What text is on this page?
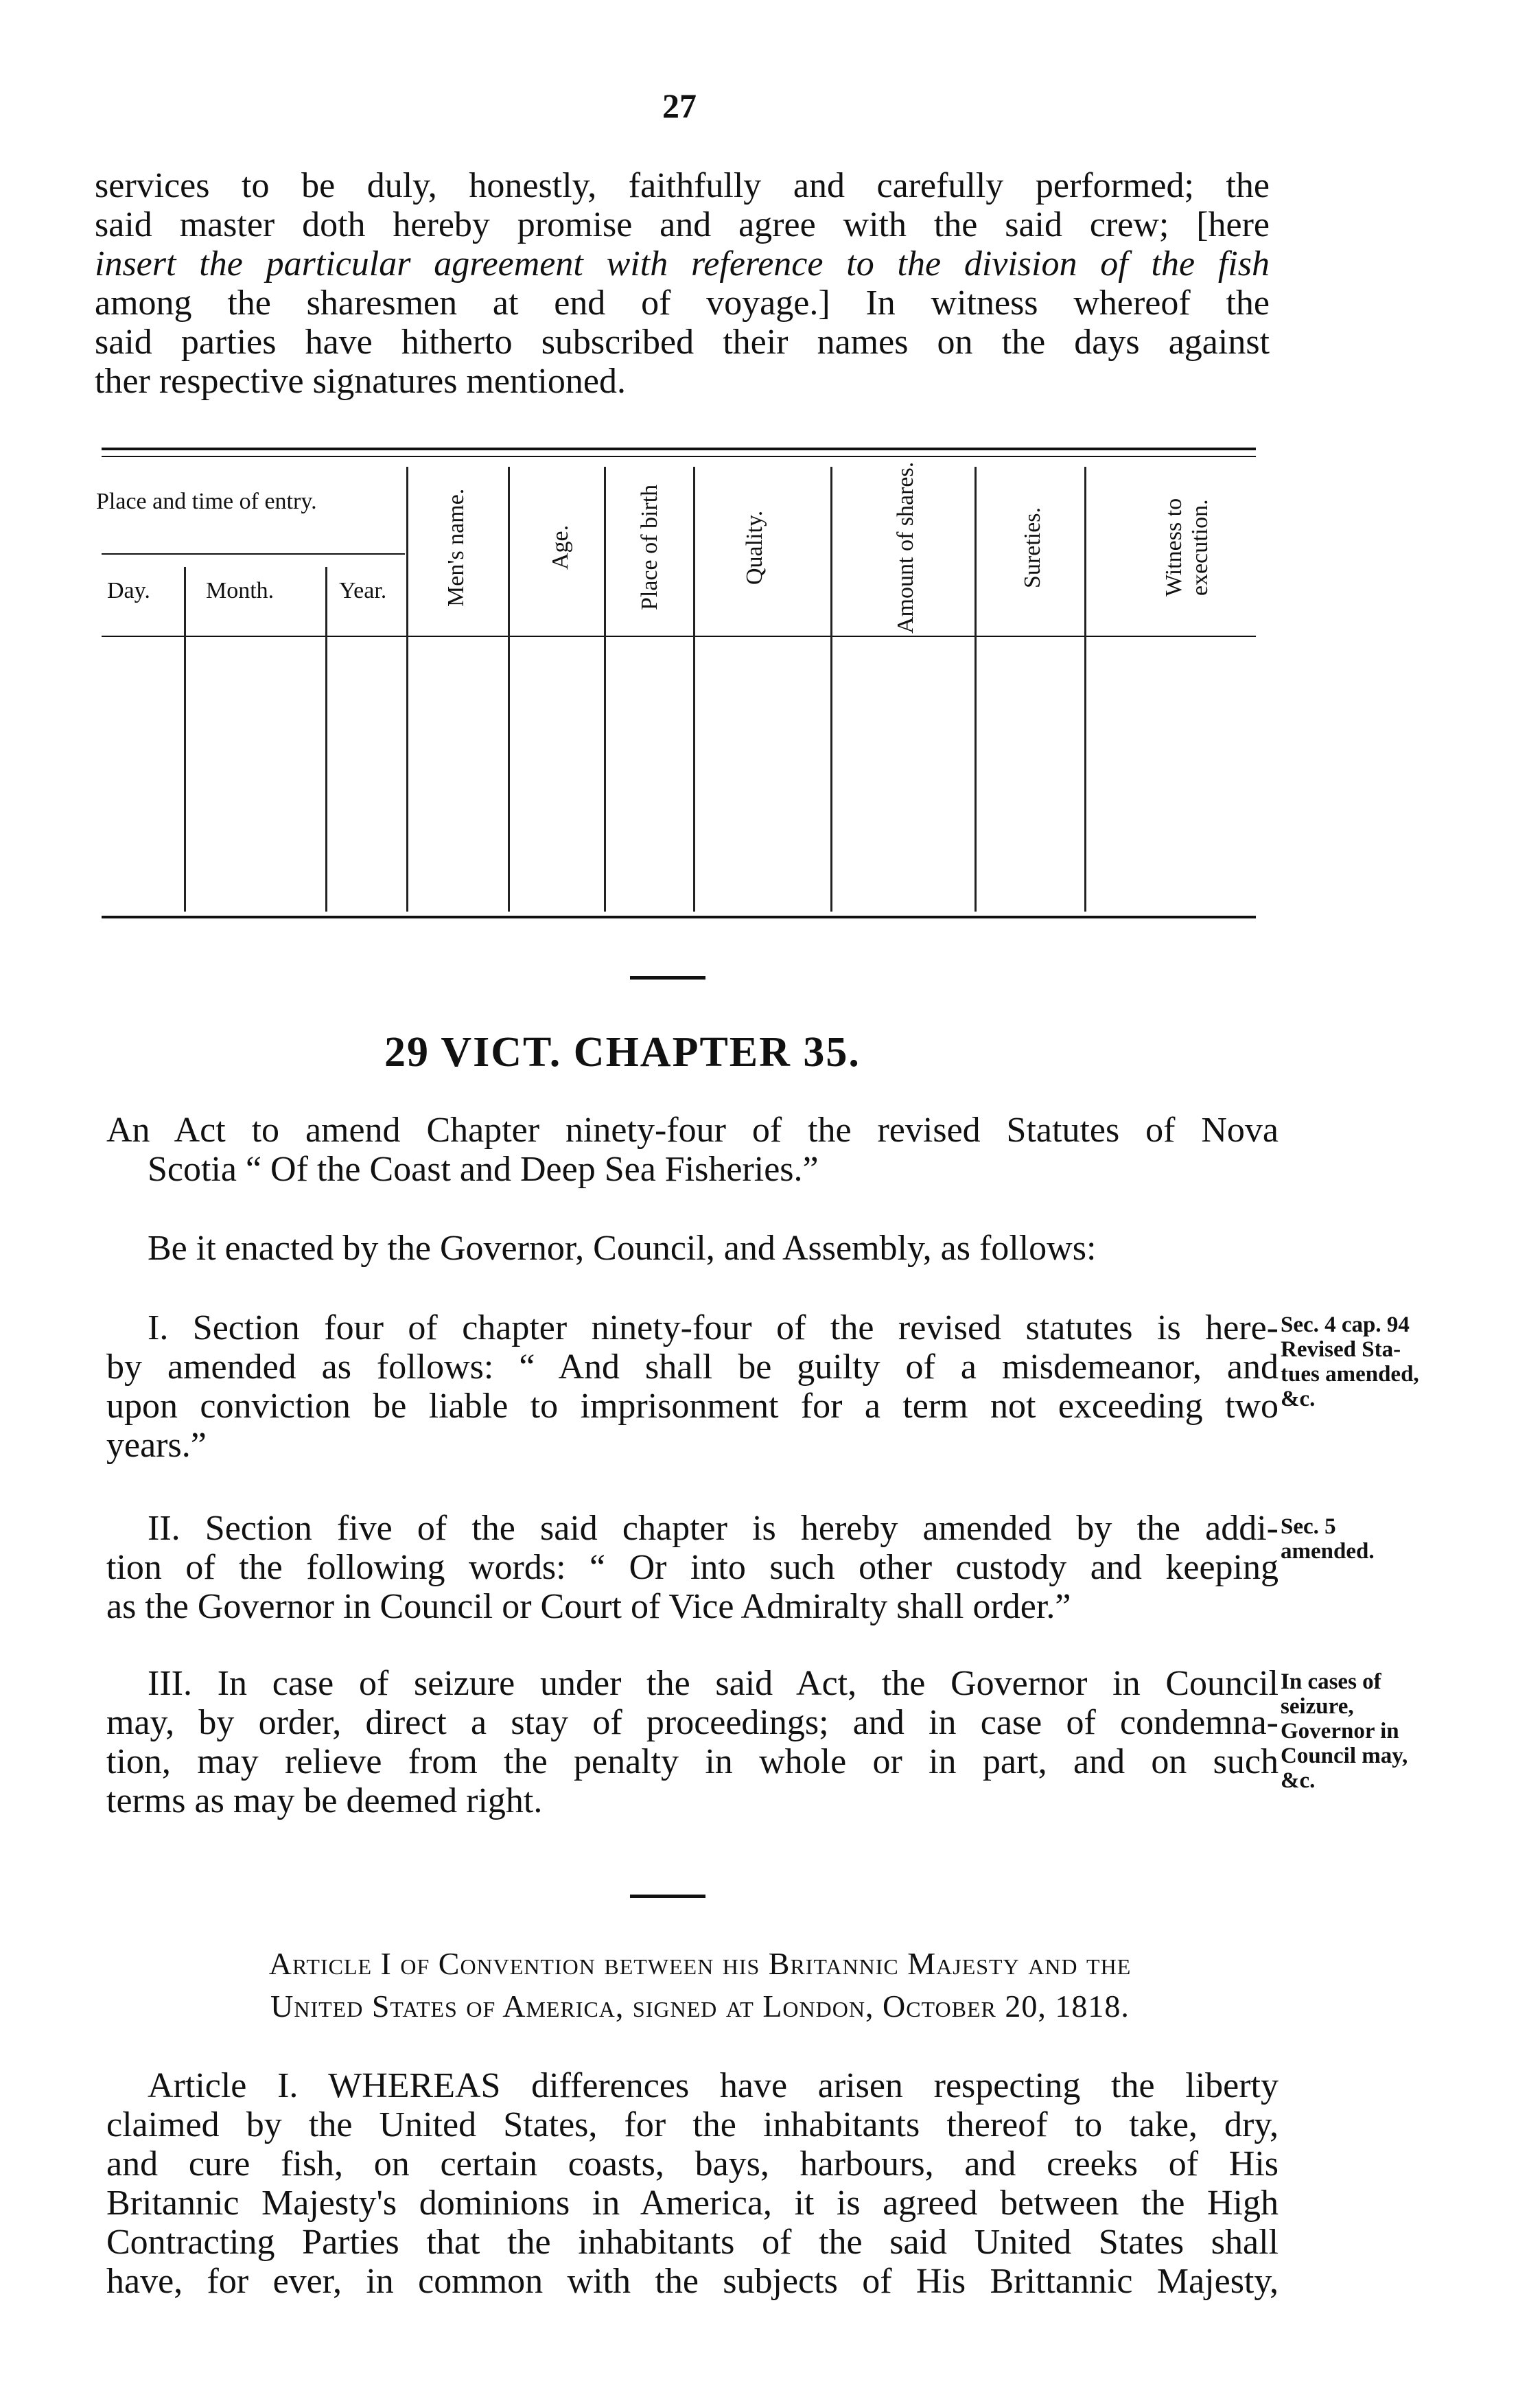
27
services to be duly, honestly, faithfully and carefully performed; the
said master doth hereby promise and agree with the said crew; [here
insert the particular agreement with reference to the division of the fish
among the sharesmen at end of voyage.] In witness whereof the
said parties have hitherto subscribed their names on the days against
ther respective signatures mentioned.
Place and time of entry.
Day. Month.	Year.	Men's name.	Age.	Place of birth	Quality.	Amount of shares.	Sureties.	Witness to execution.
29 VICT. CHAPTER 35.
An Act to amend Chapter ninety-four of the revised Statutes of Nova
Scotia “ Of the Coast and Deep Sea Fisheries.”
Be it enacted by the Governor, Council, and Assembly, as follows:
I. Section four of chapter ninety-four of the revised statutes is here-
by amended as follows: “ And shall be guilty of a misdemeanor, and
upon conviction be liable to imprisonment for a term not exceeding two
years.”
Sec. 4 cap. 94
Revised Sta-
tues amended,
&c.
II. Section five of the said chapter is hereby amended by the addi-
tion of the following words: “ Or into such other custody and keeping
as the Governor in Council or Court of Vice Admiralty shall order.”
Sec. 5
amended.
III. In case of seizure under the said Act, the Governor in Council
may, by order, direct a stay of proceedings; and in case of condemna-
tion, may relieve from the penalty in whole or in part, and on such
terms as may be deemed right.
In cases of
seizure,
Governor in
Council may,
&c.
Article I of Convention between his Britannic Majesty and the
United States of America, signed at London, October 20, 1818.
Article I. WHEREAS differences have arisen respecting the liberty
claimed by the United States, for the inhabitants thereof to take, dry,
and cure fish, on certain coasts, bays, harbours, and creeks of His
Britannic Majesty's dominions in America, it is agreed between the High
Contracting Parties that the inhabitants of the said United States shall
have, for ever, in common with the subjects of His Brittannic Majesty,
